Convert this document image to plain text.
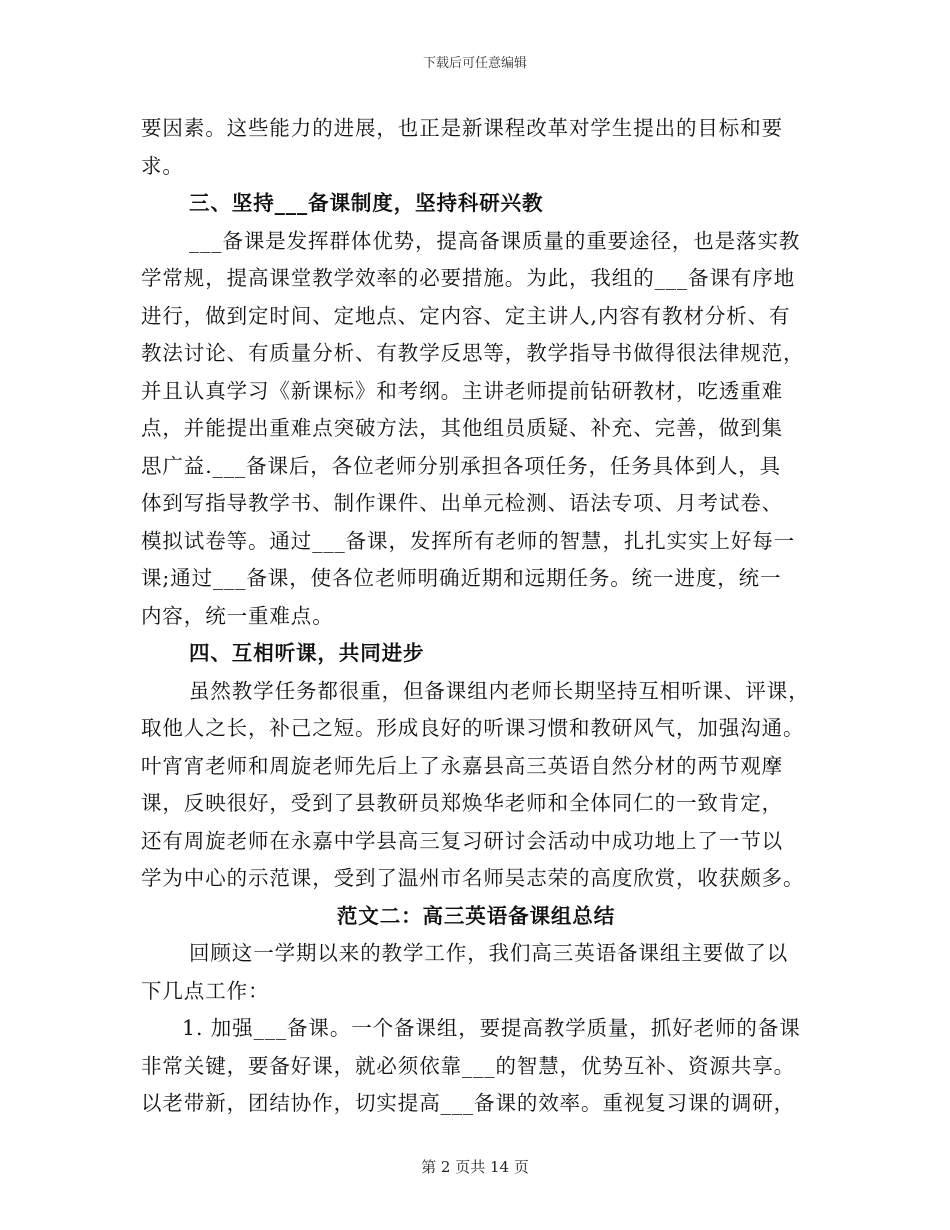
下载后可任意编辑
要因素。这些能力的进展，也正是新课程改革对学生提出的目标和要
求。
三、坚持___备课制度，坚持科研兴教
___备课是发挥群体优势，提高备课质量的重要途径，也是落实教
学常规，提高课堂教学效率的必要措施。为此，我组的___备课有序地
进行，做到定时间、定地点、定内容、定主讲人,内容有教材分析、有
教法讨论、有质量分析、有教学反思等，教学指导书做得很法律规范，
并且认真学习《新课标》和考纲。主讲老师提前钻研教材，吃透重难
点，并能提出重难点突破方法，其他组员质疑、补充、完善，做到集
思广益.___备课后，各位老师分别承担各项任务，任务具体到人，具
体到写指导教学书、制作课件、出单元检测、语法专项、月考试卷、
模拟试卷等。通过___备课，发挥所有老师的智慧，扎扎实实上好每一
课;通过___备课，使各位老师明确近期和远期任务。统一进度，统一
内容，统一重难点。
四、互相听课，共同进步
虽然教学任务都很重，但备课组内老师长期坚持互相听课、评课，
取他人之长，补己之短。形成良好的听课习惯和教研风气，加强沟通。
叶宵宵老师和周旋老师先后上了永嘉县高三英语自然分材的两节观摩
课，反映很好，受到了县教研员郑焕华老师和全体同仁的一致肯定，
还有周旋老师在永嘉中学县高三复习研讨会活动中成功地上了一节以
学为中心的示范课，受到了温州市名师吴志荣的高度欣赏，收获颇多。
范文二：高三英语备课组总结
回顾这一学期以来的教学工作，我们高三英语备课组主要做了以
下几点工作：
1. 加强___备课。一个备课组，要提高教学质量，抓好老师的备课
非常关键，要备好课，就必须依靠___的智慧，优势互补、资源共享。
以老带新，团结协作，切实提高___备课的效率。重视复习课的调研，
第 2 页共 14 页
